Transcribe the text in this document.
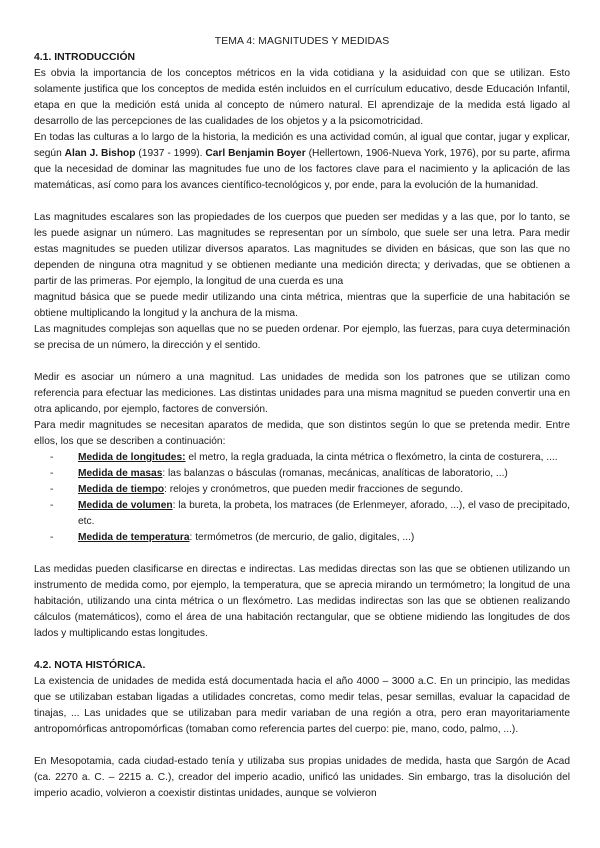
TEMA 4: MAGNITUDES Y MEDIDAS
4.1. INTRODUCCIÓN

Es obvia la importancia de los conceptos métricos en la vida cotidiana y la asiduidad con que se utilizan. Esto solamente justifica que los conceptos de medida estén incluidos en el currículum educativo, desde Educación Infantil, etapa en que la medición está unida al concepto de número natural. El aprendizaje de la medida está ligado al desarrollo de las percepciones de las cualidades de los objetos y a la psicomotricidad.

En todas las culturas a lo largo de la historia, la medición es una actividad común, al igual que contar, jugar y explicar, según Alan J. Bishop (1937 - 1999). Carl Benjamin Boyer (Hellertown, 1906-Nueva York, 1976), por su parte, afirma que la necesidad de dominar las magnitudes fue uno de los factores clave para el nacimiento y la aplicación de las matemáticas, así como para los avances científico-tecnológicos y, por ende, para la evolución de la humanidad.

Las magnitudes escalares son las propiedades de los cuerpos que pueden ser medidas y a las que, por lo tanto, se les puede asignar un número. Las magnitudes se representan por un símbolo, que suele ser una letra. Para medir estas magnitudes se pueden utilizar diversos aparatos. Las magnitudes se dividen en básicas, que son las que no dependen de ninguna otra magnitud y se obtienen mediante una medición directa; y derivadas, que se obtienen a partir de las primeras. Por ejemplo, la longitud de una cuerda es una

magnitud básica que se puede medir utilizando una cinta métrica, mientras que la superficie de una habitación se obtiene multiplicando la longitud y la anchura de la misma.

Las magnitudes complejas son aquellas que no se pueden ordenar. Por ejemplo, las fuerzas, para cuya determinación se precisa de un número, la dirección y el sentido.

Medir es asociar un número a una magnitud. Las unidades de medida son los patrones que se utilizan como referencia para efectuar las mediciones. Las distintas unidades para una misma magnitud se pueden convertir una en otra aplicando, por ejemplo, factores de conversión.

Para medir magnitudes se necesitan aparatos de medida, que son distintos según lo que se pretenda medir. Entre ellos, los que se describen a continuación:

- Medida de longitudes: el metro, la regla graduada, la cinta métrica o flexómetro, la cinta de costurera, ....
- Medida de masas: las balanzas o básculas (romanas, mecánicas, analíticas de laboratorio, ...)
- Medida de tiempo: relojes y cronómetros, que pueden medir fracciones de segundo.
- Medida de volumen: la bureta, la probeta, los matraces (de Erlenmeyer, aforado, ...), el vaso de precipitado, etc.
- Medida de temperatura: termómetros (de mercurio, de galio, digitales, ...)

Las medidas pueden clasificarse en directas e indirectas. Las medidas directas son las que se obtienen utilizando un instrumento de medida como, por ejemplo, la temperatura, que se aprecia mirando un termómetro; la longitud de una habitación, utilizando una cinta métrica o un flexómetro. Las medidas indirectas son las que se obtienen realizando cálculos (matemáticos), como el área de una habitación rectangular, que se obtiene midiendo las longitudes de dos lados y multiplicando estas longitudes.

4.2. NOTA HISTÓRICA.

La existencia de unidades de medida está documentada hacia el año 4000 – 3000 a.C. En un principio, las medidas que se utilizaban estaban ligadas a utilidades concretas, como medir telas, pesar semillas, evaluar la capacidad de tinajas, ... Las unidades que se utilizaban para medir variaban de una región a otra, pero eran mayoritariamente antropomórficas antropomórficas (tomaban como referencia partes del cuerpo: pie, mano, codo, palmo, ...).

En Mesopotamia, cada ciudad-estado tenía y utilizaba sus propias unidades de medida, hasta que Sargón de Acad (ca. 2270 a. C. – 2215 a. C.), creador del imperio acadio, unificó las unidades. Sin embargo, tras la disolución del imperio acadio, volvieron a coexistir distintas unidades, aunque se volvieron
